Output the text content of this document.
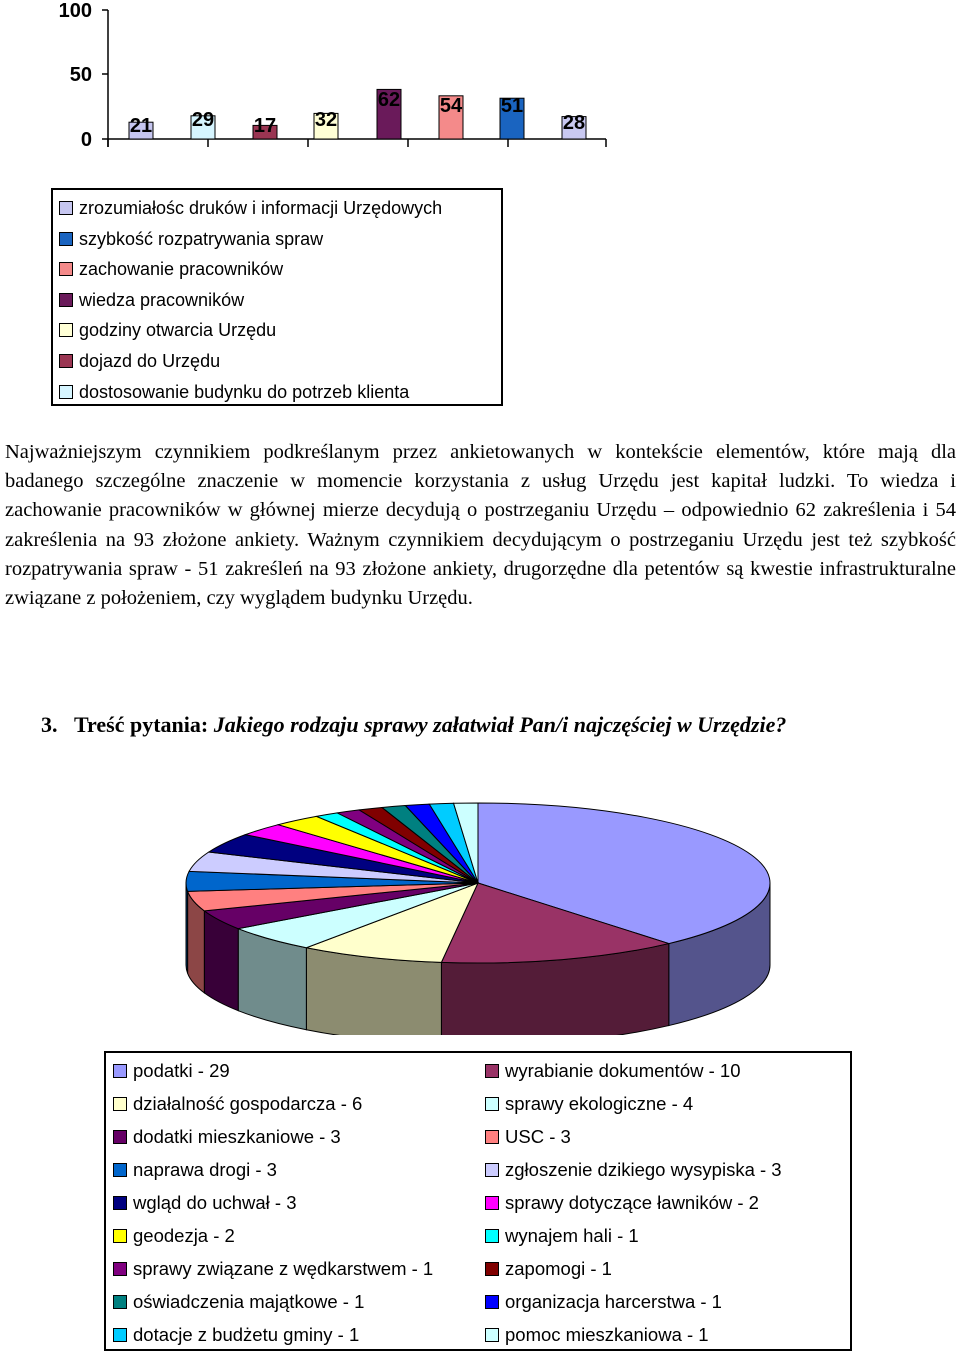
100
50
0
21 29 17 32
62 54 51
28
zrozumiałośc druków i informacji Urzędowych
szybkość rozpatrywania spraw
zachowanie pracowników
wiedza pracowników
godziny otwarcia Urzędu
dojazd do Urzędu
dostosowanie budynku do potrzeb klienta

Najważniejszym czynnikiem podkreślanym przez ankietowanych w kontekście elementów, które mają dla badanego szczególne znaczenie w momencie korzystania z usług Urzędu jest kapitał ludzki. To wiedza i zachowanie pracowników w głównej mierze decydują o postrzeganiu Urzędu – odpowiednio 62 zakreślenia i 54 zakreślenia na 93 złożone ankiety. Ważnym czynnikiem decydującym o postrzeganiu Urzędu jest też szybkość rozpatrywania spraw - 51 zakreśleń na 93 złożone ankiety, drugorzędne dla petentów są kwestie infrastrukturalne związane z położeniem, czy wyglądem budynku Urzędu.

3. Treść pytania: Jakiego rodzaju sprawy załatwiał Pan/i najczęściej w Urzędzie?
podatki - 29	wyrabianie dokumentów - 10
działalność gospodarcza - 6	sprawy ekologiczne - 4
dodatki mieszkaniowe - 3	USC - 3
naprawa drogi - 3	zgłoszenie dzikiego wysypiska - 3
wgląd do uchwał - 3	sprawy dotyczące ławników - 2
geodezja - 2	wynajem hali - 1
sprawy związane z wędkarstwem - 1	zapomogi - 1
oświadczenia majątkowe - 1	organizacja harcerstwa - 1
dotacje z budżetu gminy - 1	pomoc mieszkaniowa - 1
